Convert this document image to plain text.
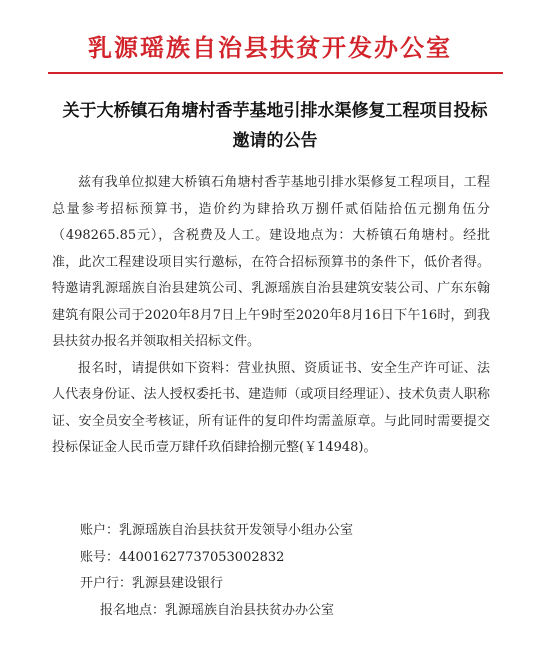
乳源瑶族自治县扶贫开发办公室
关于大桥镇石角塘村香芋基地引排水渠修复工程项目投标邀请的公告

兹有我单位拟建大桥镇石角塘村香芋基地引排水渠修复工程项目，工程总量参考招标预算书，造价约为肆拾玖万捌仟贰佰陆拾伍元捌角伍分（498265.85元），含税费及人工。建设地点为：大桥镇石角塘村。经批准，此次工程建设项目实行邀标，在符合招标预算书的条件下，低价者得。特邀请乳源瑶族自治县建筑公司、乳源瑶族自治县建筑安装公司、广东东翰建筑有限公司于2020年8月7日上午9时至2020年8月16日下午16时，到我县扶贫办报名并领取相关招标文件。

报名时，请提供如下资料：营业执照、资质证书、安全生产许可证、法人代表身份证、法人授权委托书、建造师（或项目经理证）、技术负责人职称证、安全员安全考核证，所有证件的复印件均需盖原章。与此同时需要提交投标保证金人民币壹万肆仟玖佰肆拾捌元整(￥14948)。

账户：乳源瑶族自治县扶贫开发领导小组办公室
账号：44001627737053002832
开户行：乳源县建设银行
报名地点：乳源瑶族自治县扶贫办办公室
